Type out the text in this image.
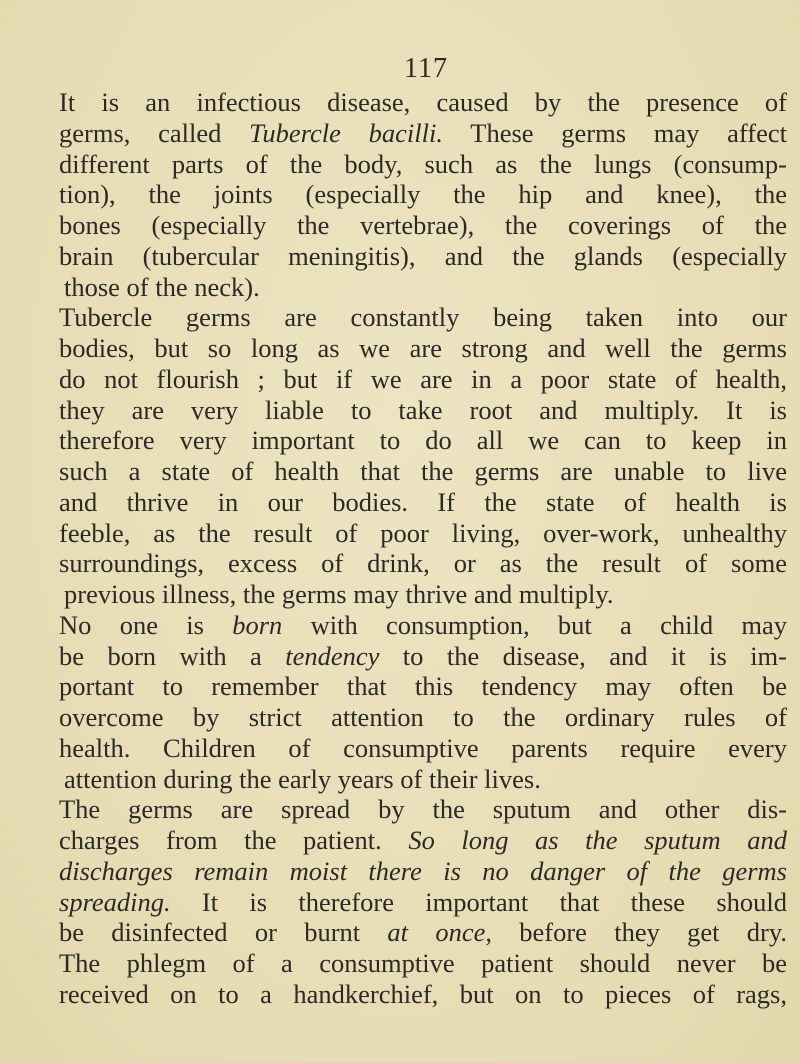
117
It is an infectious disease, caused by the presence of
germs, called Tubercle bacilli. These germs may affect
different parts of the body, such as the lungs (consump-
tion), the joints (especially the hip and knee), the
bones (especially the vertebrae), the coverings of the
brain (tubercular meningitis), and the glands (especially
those of the neck).
Tubercle germs are constantly being taken into our
bodies, but so long as we are strong and well the germs
do not flourish ; but if we are in a poor state of health,
they are very liable to take root and multiply. It is
therefore very important to do all we can to keep in
such a state of health that the germs are unable to live
and thrive in our bodies. If the state of health is
feeble, as the result of poor living, over-work, unhealthy
surroundings, excess of drink, or as the result of some
previous illness, the germs may thrive and multiply.
No one is born with consumption, but a child may
be born with a tendency to the disease, and it is im-
portant to remember that this tendency may often be
overcome by strict attention to the ordinary rules of
health. Children of consumptive parents require every
attention during the early years of their lives.
The germs are spread by the sputum and other dis-
charges from the patient. So long as the sputum and
discharges remain moist there is no danger of the germs
spreading. It is therefore important that these should
be disinfected or burnt at once, before they get dry.
The phlegm of a consumptive patient should never be
received on to a handkerchief, but on to pieces of rags,
